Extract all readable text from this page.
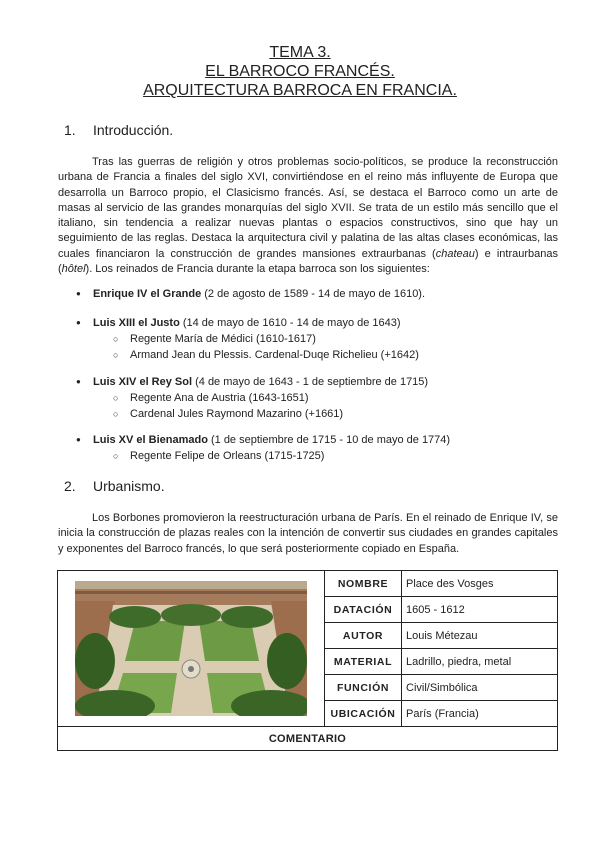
TEMA 3.
EL BARROCO FRANCÉS.
ARQUITECTURA BARROCA EN FRANCIA.
1. Introducción.
Tras las guerras de religión y otros problemas socio-políticos, se produce la reconstrucción urbana de Francia a finales del siglo XVI, convirtiéndose en el reino más influyente de Europa que desarrolla un Barroco propio, el Clasicismo francés. Así, se destaca el Barroco como un arte de masas al servicio de las grandes monarquías del siglo XVII. Se trata de un estilo más sencillo que el italiano, sin tendencia a realizar nuevas plantas o espacios constructivos, sino que hay un seguimiento de las reglas. Destaca la arquitectura civil y palatina de las altas clases económicas, las cuales financiaron la construcción de grandes mansiones extraurbanas (chateau) e intraurbanas (hôtel). Los reinados de Francia durante la etapa barroca son los siguientes:
● Enrique IV el Grande (2 de agosto de 1589 - 14 de mayo de 1610).
● Luis XIII el Justo (14 de mayo de 1610 - 14 de mayo de 1643)
○ Regente María de Médici (1610-1617)
○ Armand Jean du Plessis. Cardenal-Duqe Richelieu (+1642)
● Luis XIV el Rey Sol (4 de mayo de 1643 - 1 de septiembre de 1715)
○ Regente Ana de Austria (1643-1651)
○ Cardenal Jules Raymond Mazarino (+1661)
● Luis XV el Bienamado (1 de septiembre de 1715 - 10 de mayo de 1774)
○ Regente Felipe de Orleans (1715-1725)
2. Urbanismo.
Los Borbones promovieron la reestructuración urbana de París. En el reinado de Enrique IV, se inicia la construcción de plazas reales con la intención de convertir sus ciudades en grandes capitales y exponentes del Barroco francés, lo que será posteriormente copiado en España.
	NOMBRE	Place des Vosges
	DATACIÓN	1605 - 1612
	AUTOR	Louis Métezau
	MATERIAL	Ladrillo, piedra, metal
	FUNCIÓN	Civil/Simbólica
	UBICACIÓN	París (Francia)
COMENTARIO		
